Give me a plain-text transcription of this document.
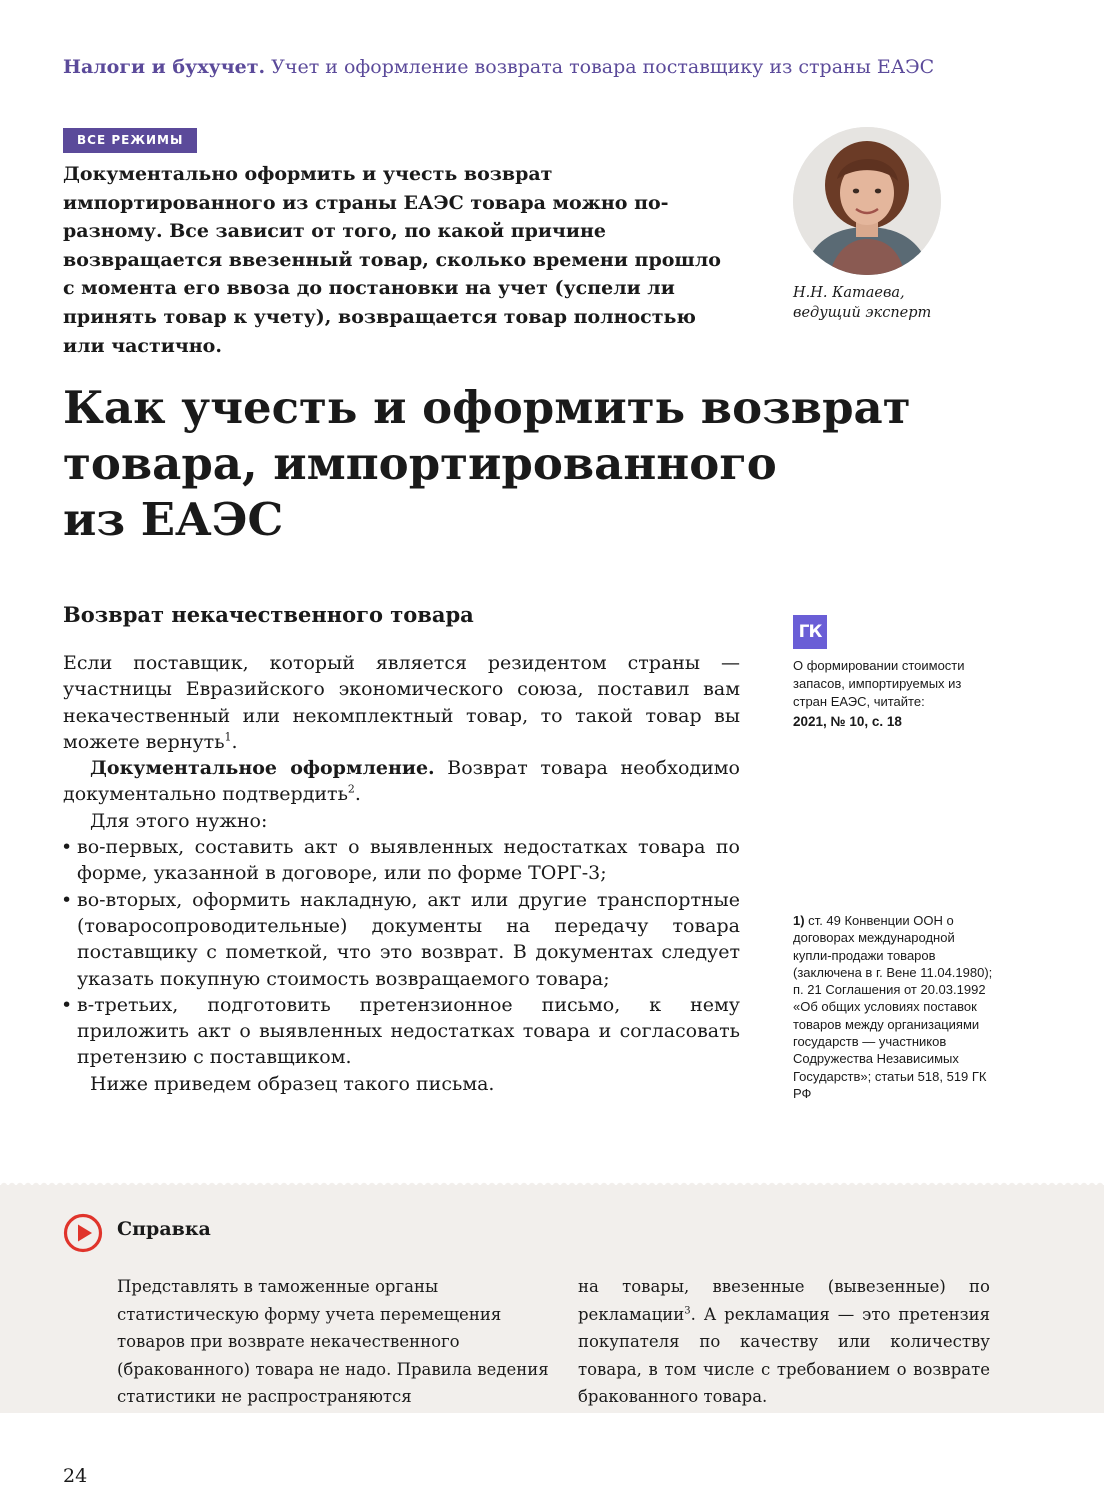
Налоги и бухучет. Учет и оформление возврата товара поставщику из страны ЕАЭС
ВСЕ РЕЖИМЫ
Документально оформить и учесть возврат импортированного из страны ЕАЭС товара можно по-разному. Все зависит от того, по какой причине возвращается ввезенный товар, сколько времени прошло с момента его ввоза до постановки на учет (успели ли принять товар к учету), возвращается товар полностью или частично.
Н.Н. Катаева,
ведущий эксперт
Как учесть и оформить возврат
товара, импортированного
из ЕАЭС
Возврат некачественного товара

Если поставщик, который является резидентом страны — участницы Евразийского экономического союза, поставил вам некачественный или некомплектный товар, то такой товар вы можете вернуть$^1$.

Документальное оформление. Возврат товара необходимо документально подтвердить$^2$.

Для этого нужно:

• во-первых, составить акт о выявленных недостатках товара по форме, указанной в договоре, или по форме ТОРГ-3;
• во-вторых, оформить накладную, акт или другие транспортные (товаросопроводительные) документы на передачу товара поставщику с пометкой, что это возврат. В документах следует указать покупную стоимость возвращаемого товара;
• в-третьих, подготовить претензионное письмо, к нему приложить акт о выявленных недостатках товара и согласовать претензию с поставщиком.

Ниже приведем образец такого письма.

ГК
О формировании стоимости запасов, импортируемых из стран ЕАЭС, читайте:
2021, № 10, с. 18
1) ст. 49 Конвенции ООН о договорах международной купли-продажи товаров (заключена в г. Вене 11.04.1980); п. 21 Соглашения от 20.03.1992 «Об общих условиях поставок товаров между организациями государств — участников Содружества Независимых Государств»; статьи 518, 519 ГК РФ
Справка
Представлять в таможенные органы статистическую форму учета перемещения товаров при возврате некачественного (бракованного) товара не надо. Правила ведения статистики не распространяются
на товары, ввезенные (вывезенные) по рекламации$^3$. А рекламация — это претензия покупателя по качеству или количеству товара, в том числе с требованием о возврате бракованного товара.
24
